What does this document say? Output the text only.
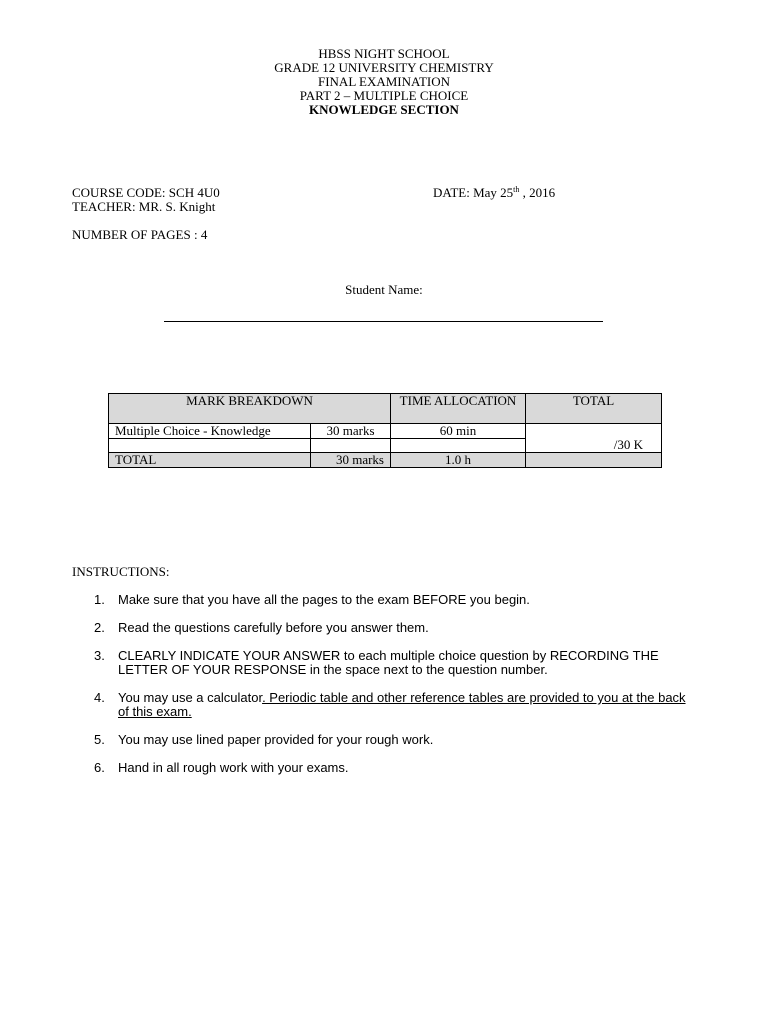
HBSS NIGHT SCHOOL
GRADE 12 UNIVERSITY CHEMISTRY
FINAL EXAMINATION
PART 2 – MULTIPLE CHOICE
KNOWLEDGE SECTION
COURSE CODE: SCH 4U0
TEACHER: MR. S. Knight
DATE: May 25th , 2016
NUMBER OF PAGES : 4
Student Name:
MARK BREAKDOWN		TIME ALLOCATION	TOTAL
Multiple Choice - Knowledge	30 marks	60 min	/30 K

TOTAL	30 marks	1.0 h	
INSTRUCTIONS:
1. Make sure that you have all the pages to the exam BEFORE you begin.
2. Read the questions carefully before you answer them.
3. CLEARLY INDICATE YOUR ANSWER to each multiple choice question by RECORDING THE LETTER OF YOUR RESPONSE in the space next to the question number.
4. You may use a calculator. Periodic table and other reference tables are provided to you at the back of this exam.
5. You may use lined paper provided for your rough work.
6. Hand in all rough work with your exams.
